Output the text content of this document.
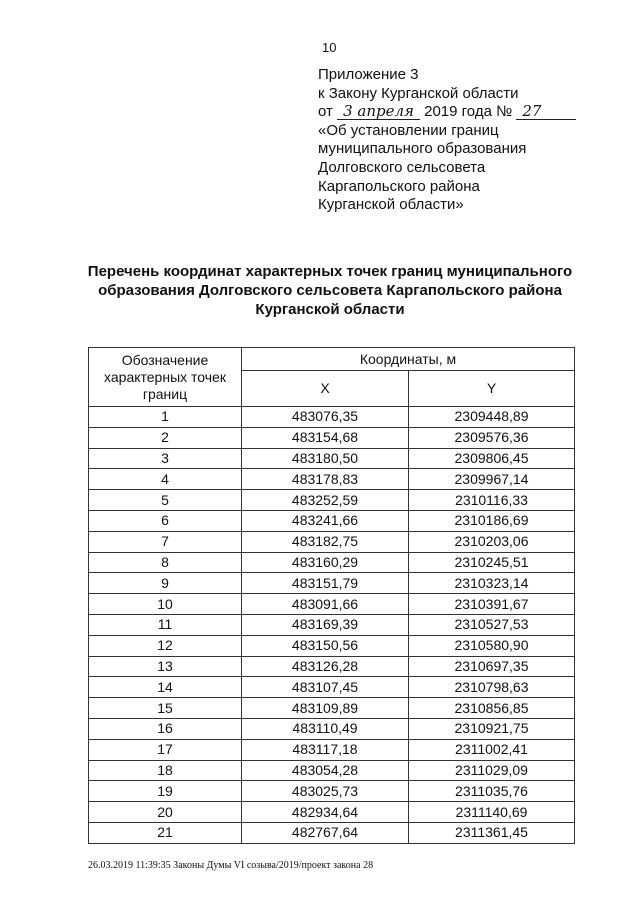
10
Приложение 3
к Закону Курганской области
от 3 апреля 2019 года № 27
«Об установлении границ
муниципального образования
Долговского сельсовета
Каргапольского района
Курганской области»
Перечень координат характерных точек границ муниципального
образования Долговского сельсовета Каргапольского района
Курганской области
Обозначение характерных точек границ	Координаты, м	
	X	Y
1	483076,35	2309448,89
2	483154,68	2309576,36
3	483180,50	2309806,45
4	483178,83	2309967,14
5	483252,59	2310116,33
6	483241,66	2310186,69
7	483182,75	2310203,06
8	483160,29	2310245,51
9	483151,79	2310323,14
10	483091,66	2310391,67
11	483169,39	2310527,53
12	483150,56	2310580,90
13	483126,28	2310697,35
14	483107,45	2310798,63
15	483109,89	2310856,85
16	483110,49	2310921,75
17	483117,18	2311002,41
18	483054,28	2311029,09
19	483025,73	2311035,76
20	482934,64	2311140,69
21	482767,64	2311361,45
26.03.2019 11:39:35 Законы Думы VI созыва/2019/проект закона 28
